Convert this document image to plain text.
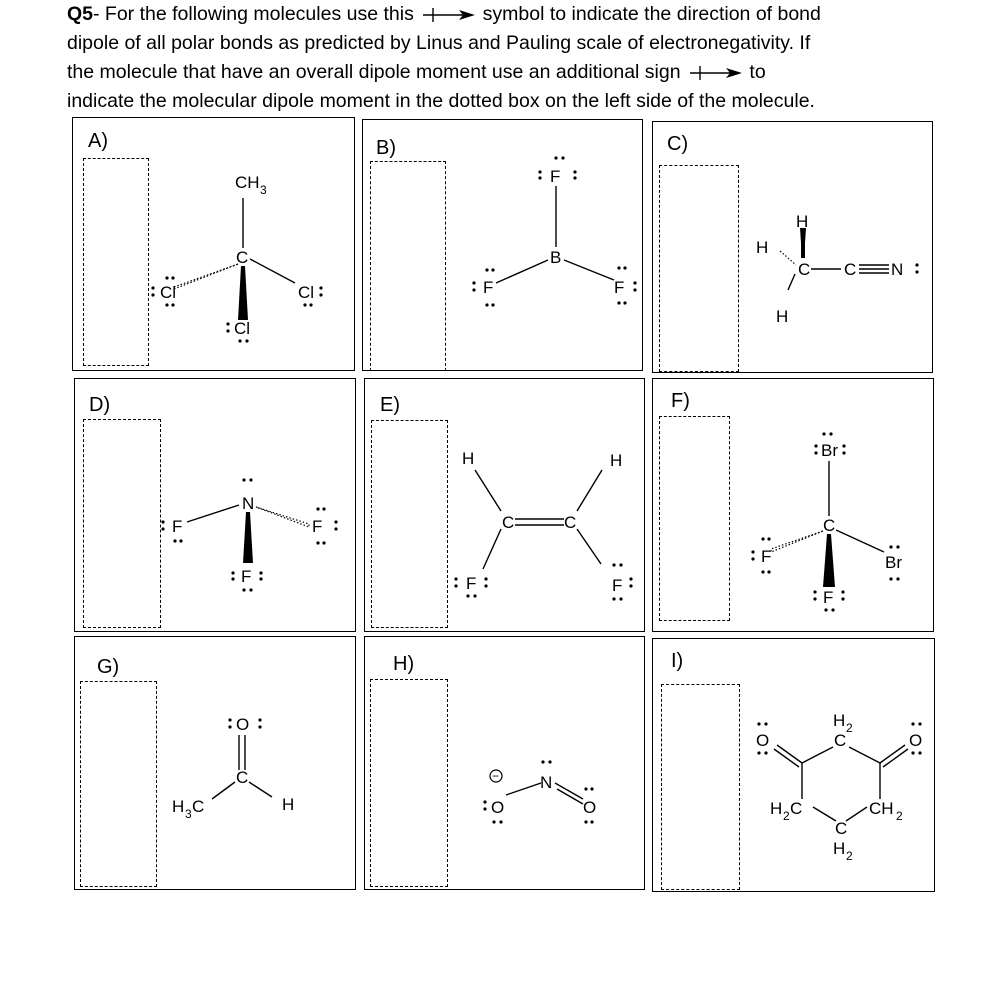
Q5- For the following molecules use this	symbol to indicate the direction of bond
dipole of all polar bonds as predicted by Linus and Pauling scale of electronegativity. If
the molecule that have an overall dipole moment use an additional sign	to
indicate the molecular dipole moment in the dotted box on the left side of the molecule.
A)
CH 3
C
Cl	Cl
Cl
B)
F
B
F	F
C)
H
H
C
H
C N
D)
N
F	F
F
E)
H	H
C	C
F	F
F)
Br
C
F	Br
F
G)
O
C
H 3 C	H
H)
−
O
N
O
I)
H 2
C
O	O
H 2 C	CH 2
C
H 2
